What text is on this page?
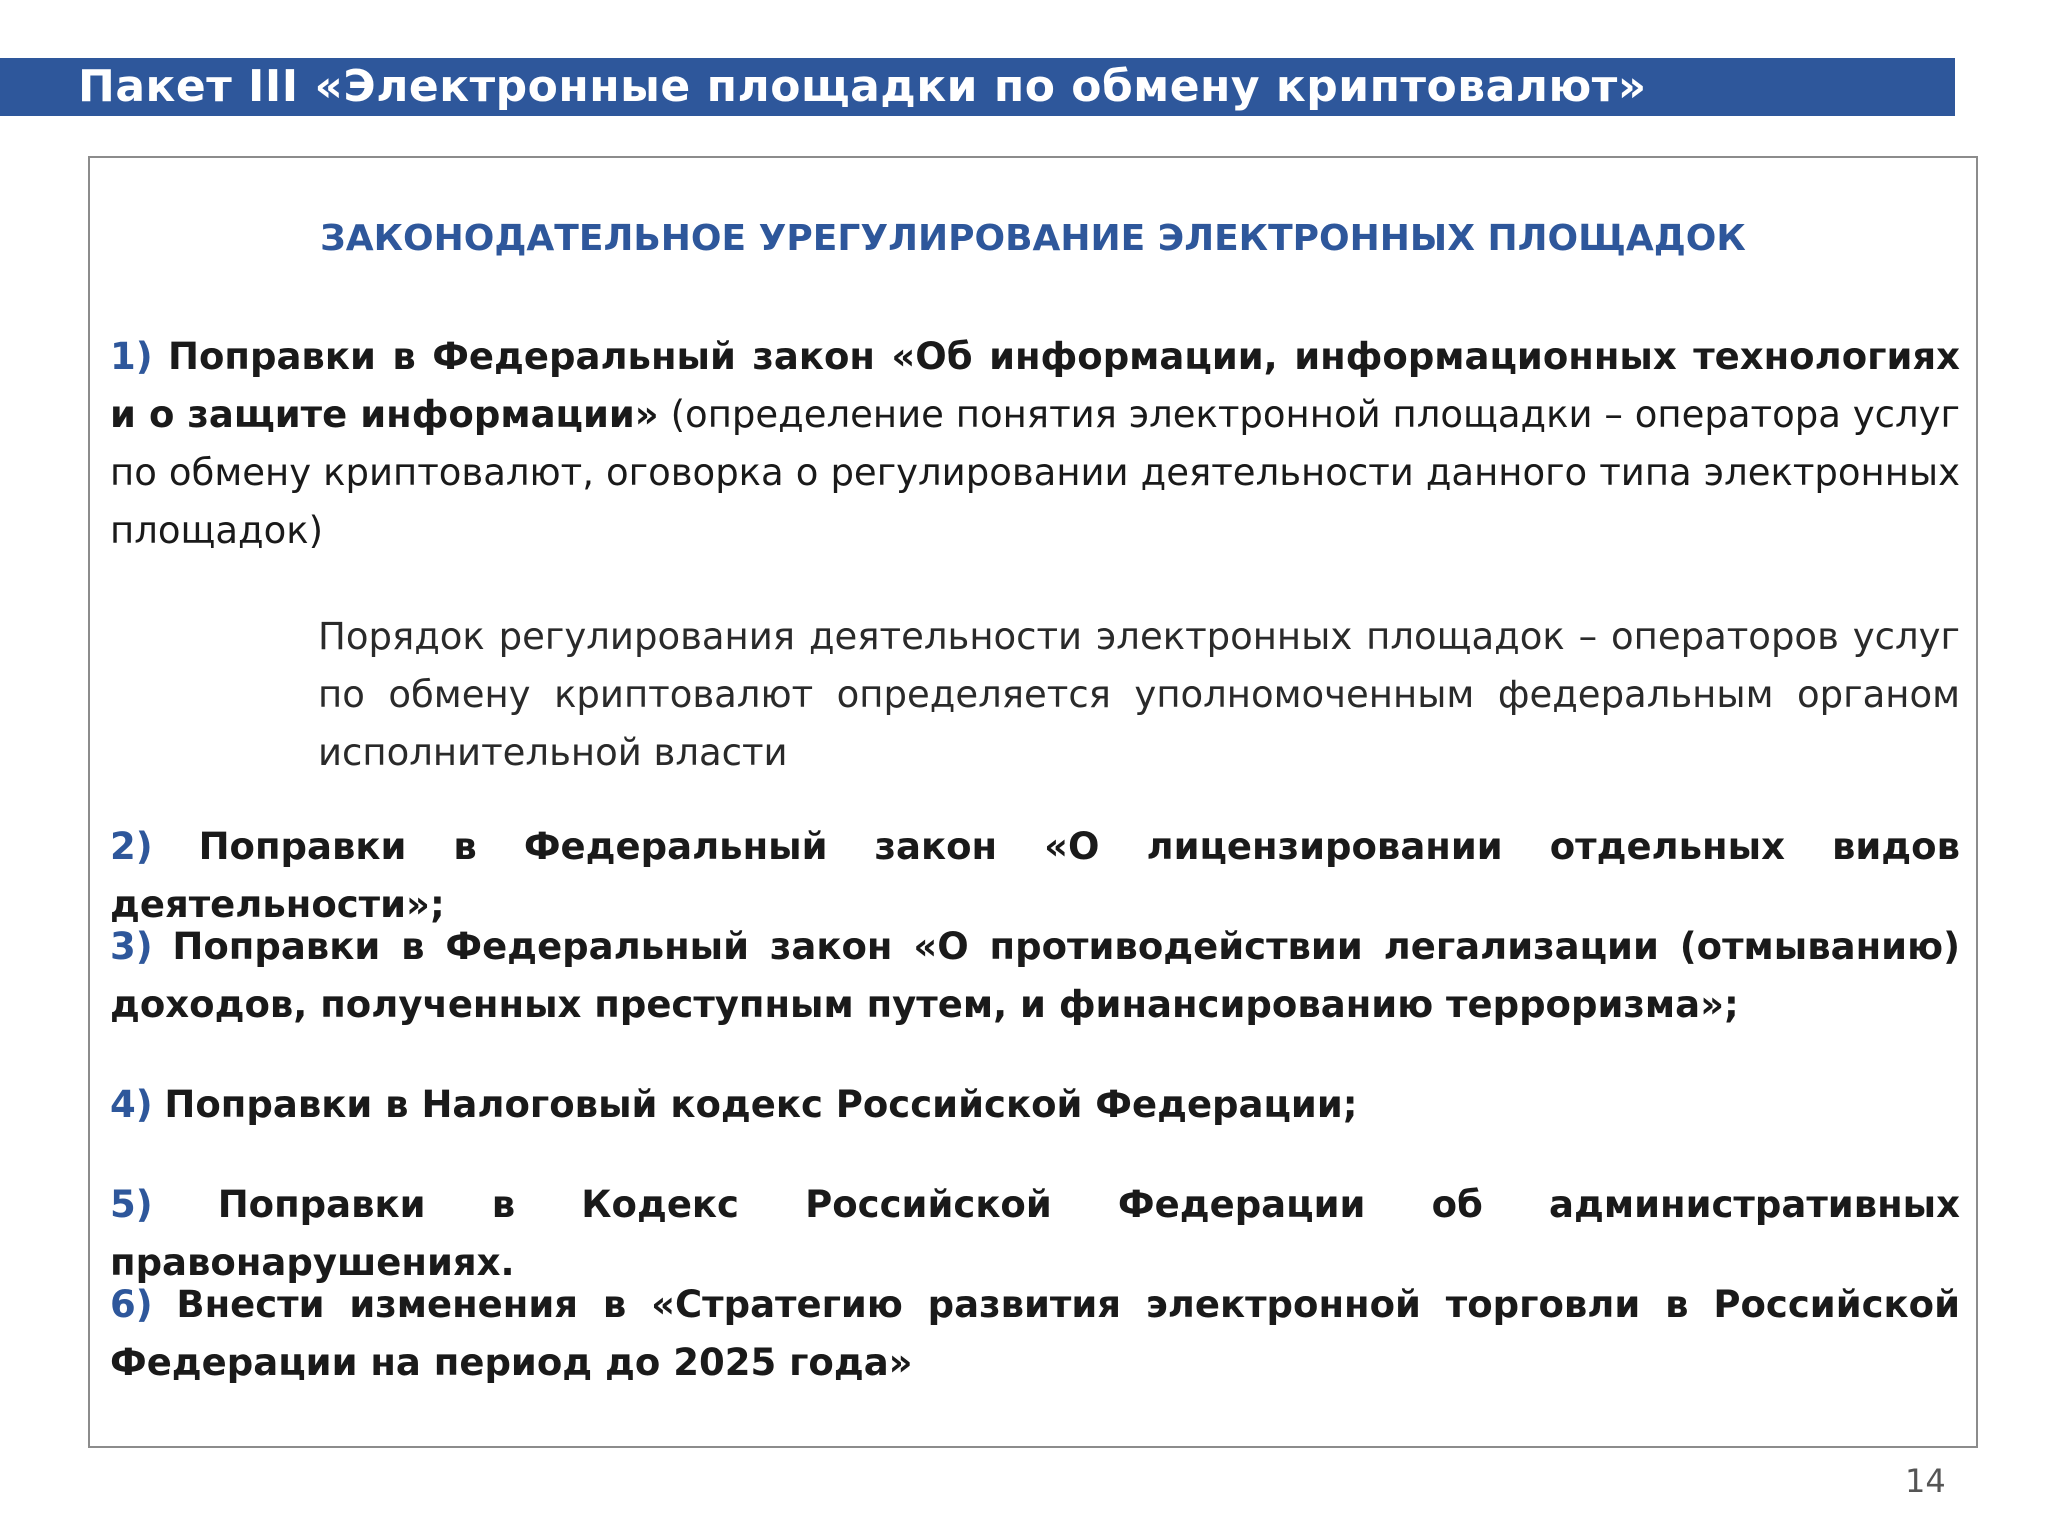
Пакет III «Электронные площадки по обмену криптовалют»
ЗАКОНОДАТЕЛЬНОЕ УРЕГУЛИРОВАНИЕ ЭЛЕКТРОННЫХ ПЛОЩАДОК
1) Поправки в Федеральный закон «Об информации, информационных технологиях и о защите информации» (определение понятия электронной площадки – оператора услуг по обмену криптовалют, оговорка о регулировании деятельности данного типа электронных площадок)
Порядок регулирования деятельности электронных площадок – операторов услуг по обмену криптовалют определяется уполномоченным федеральным органом исполнительной власти
2) Поправки в Федеральный закон «О лицензировании отдельных видов деятельности»;
3) Поправки в Федеральный закон «О противодействии легализации (отмыванию) доходов, полученных преступным путем, и финансированию терроризма»;
4) Поправки в Налоговый кодекс Российской Федерации;
5) Поправки в Кодекс Российской Федерации об административных правонарушениях.
6) Внести изменения в «Стратегию развития электронной торговли в Российской Федерации на период до 2025 года»
14
